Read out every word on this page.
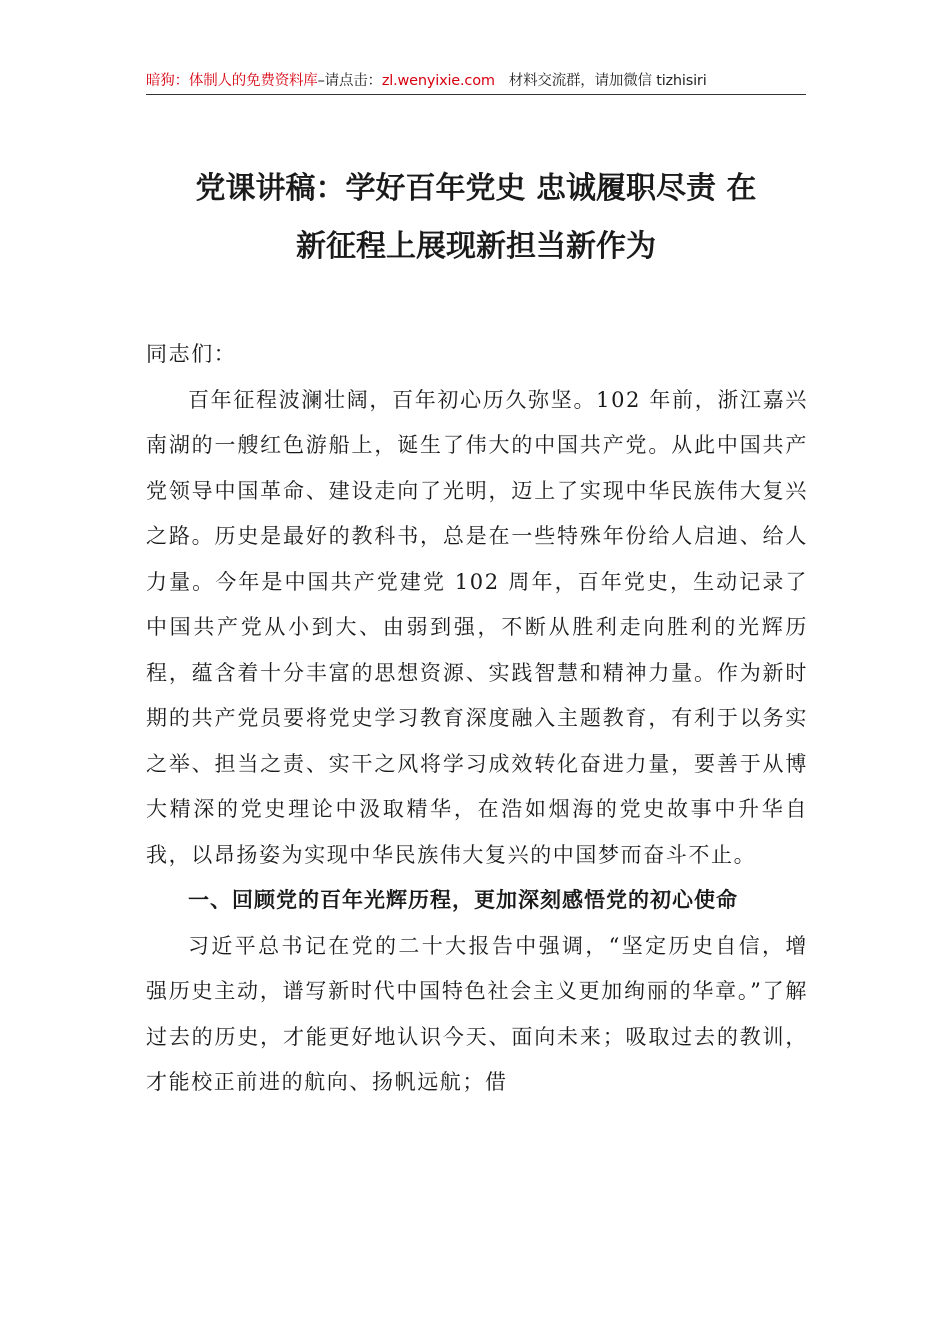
暗狗：体制人的免费资料库–请点击：zl.wenyixie.com 材料交流群，请加微信 tizhisiri
党课讲稿：学好百年党史 忠诚履职尽责 在
新征程上展现新担当新作为

同志们：

百年征程波澜壮阔，百年初心历久弥坚。102 年前，浙江嘉兴南湖的一艘红色游船上，诞生了伟大的中国共产党。从此中国共产党领导中国革命、建设走向了光明，迈上了实现中华民族伟大复兴之路。历史是最好的教科书，总是在一些特殊年份给人启迪、给人力量。今年是中国共产党建党 102 周年，百年党史，生动记录了中国共产党从小到大、由弱到强，不断从胜利走向胜利的光辉历程，蕴含着十分丰富的思想资源、实践智慧和精神力量。作为新时期的共产党员要将党史学习教育深度融入主题教育，有利于以务实之举、担当之责、实干之风将学习成效转化奋进力量，要善于从博大精深的党史理论中汲取精华，在浩如烟海的党史故事中升华自我，以昂扬姿为实现中华民族伟大复兴的中国梦而奋斗不止。

一、回顾党的百年光辉历程，更加深刻感悟党的初心使命

习近平总书记在党的二十大报告中强调，“坚定历史自信，增强历史主动，谱写新时代中国特色社会主义更加绚丽的华章。”了解过去的历史，才能更好地认识今天、面向未来；吸取过去的教训，才能校正前进的航向、扬帆远航；借
